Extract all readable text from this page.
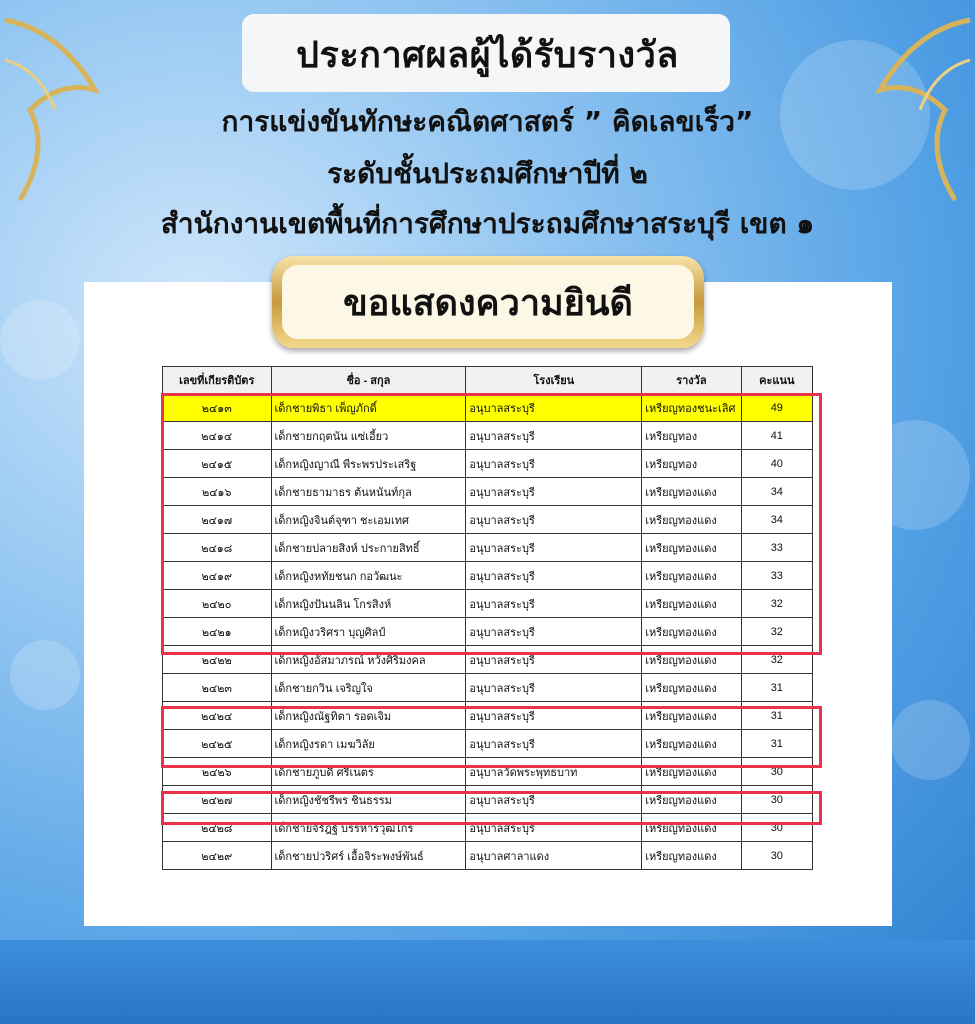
ประกาศผลผู้ได้รับรางวัล
การแข่งขันทักษะคณิตศาสตร์ ” คิดเลขเร็ว”
ระดับชั้นประถมศึกษาปีที่ ๒
สำนักงานเขตพื้นที่การศึกษาประถมศึกษาสระบุรี เขต ๑
ขอแสดงความยินดี
เลขที่เกียรติบัตร	ชื่อ - สกุล	โรงเรียน	รางวัล	คะแนน
๒๔๑๓	เด็กชายพิธา เพ็ญภักดิ์	อนุบาลสระบุรี	เหรียญทองชนะเลิศ	49
๒๔๑๔	เด็กชายกฤตนัน แซ่เอี้ยว	อนุบาลสระบุรี	เหรียญทอง	41
๒๔๑๕	เด็กหญิงญาณี พีระพรประเสริฐ	อนุบาลสระบุรี	เหรียญทอง	40
๒๔๑๖	เด็กชายธามาธร ต้นหนันท์กุล	อนุบาลสระบุรี	เหรียญทองแดง	34
๒๔๑๗	เด็กหญิงจินต์จุฑา ชะเอมเทศ	อนุบาลสระบุรี	เหรียญทองแดง	34
๒๔๑๘	เด็กชายปลายสิงห์ ประกายสิทธิ์	อนุบาลสระบุรี	เหรียญทองแดง	33
๒๔๑๙	เด็กหญิงหทัยชนก กอวัฒนะ	อนุบาลสระบุรี	เหรียญทองแดง	33
๒๔๒๐	เด็กหญิงปันนลิน โกรสิงห์	อนุบาลสระบุรี	เหรียญทองแดง	32
๒๔๒๑	เด็กหญิงวริศรา บุญศิลป์	อนุบาลสระบุรี	เหรียญทองแดง	32
๒๔๒๒	เด็กหญิงอัสมาภรณ์ หวังศิริมงคล	อนุบาลสระบุรี	เหรียญทองแดง	32
๒๔๒๓	เด็กชายกวิน เจริญใจ	อนุบาลสระบุรี	เหรียญทองแดง	31
๒๔๒๔	เด็กหญิงณัฐทิตา รอดเจิม	อนุบาลสระบุรี	เหรียญทองแดง	31
๒๔๒๕	เด็กหญิงรดา เมฆวิลัย	อนุบาลสระบุรี	เหรียญทองแดง	31
๒๔๒๖	เด็กชายภูบดี ศรีเนตร	อนุบาลวัดพระพุทธบาท	เหรียญทองแดง	30
๒๔๒๗	เด็กหญิงชัชรีพร ชินธรรม	อนุบาลสระบุรี	เหรียญทองแดง	30
๒๔๒๘	เด็กชายจิรัฎฐ์ บรรหารวุฒิไกร	อนุบาลสระบุรี	เหรียญทองแดง	30
๒๔๒๙	เด็กชายปวริศร์ เอื้อจิระพงษ์พันธ์	อนุบาลศาลาแดง	เหรียญทองแดง	30
